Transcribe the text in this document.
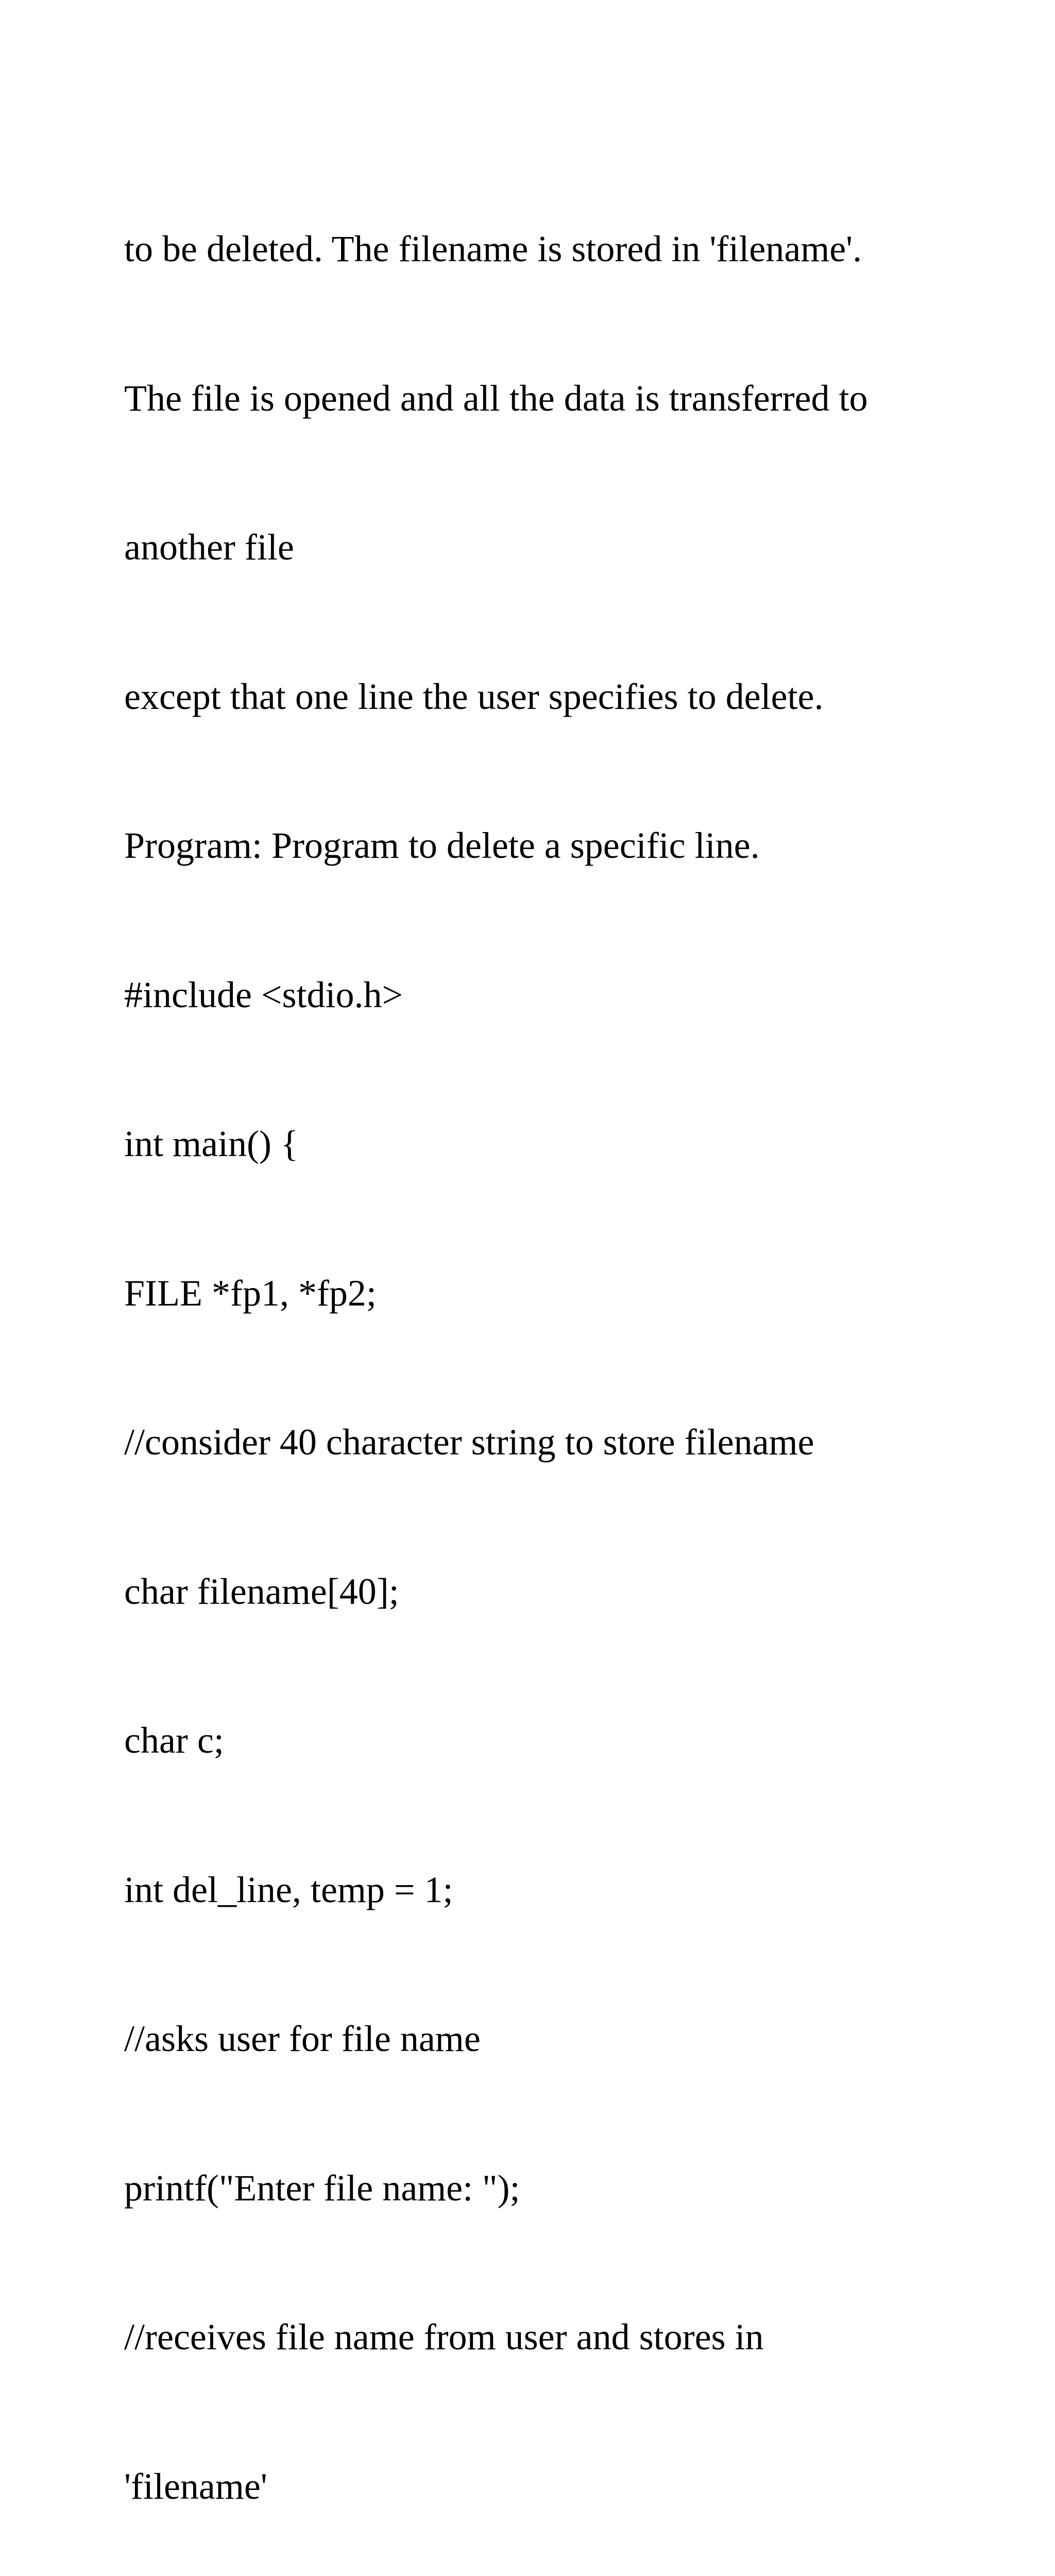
to be deleted. The filename is stored in 'filename'.

The file is opened and all the data is transferred to

another file

except that one line the user specifies to delete.

Program: Program to delete a specific line.

#include <stdio.h>

int main() {

FILE *fp1, *fp2;

//consider 40 character string to store filename

char filename[40];

char c;

int del_line, temp = 1;

//asks user for file name

printf("Enter file name: ");

//receives file name from user and stores in

'filename'
